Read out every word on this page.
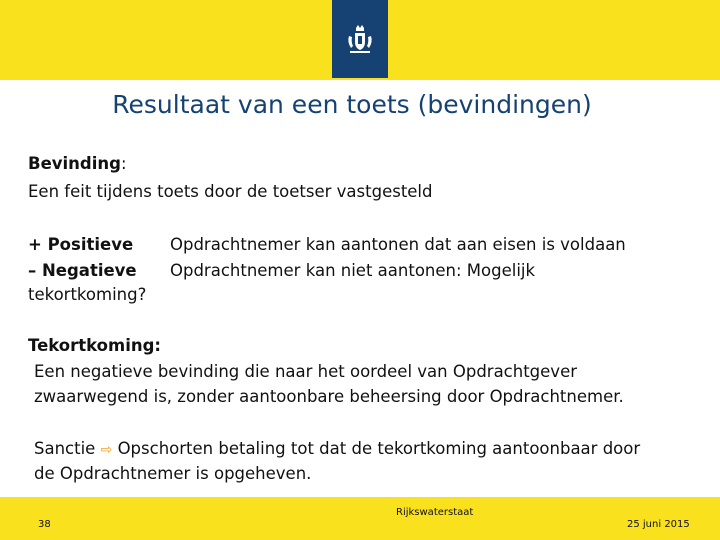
Resultaat van een toets (bevindingen)
Bevinding:
Een feit tijdens toets door de toetser vastgesteld
+ Positieve Opdrachtnemer kan aantonen dat aan eisen is voldaan
– Negatieve Opdrachtnemer kan niet aantonen: Mogelijk
tekortkoming?
Tekortkoming:
Een negatieve bevinding die naar het oordeel van Opdrachtgever
zwaarwegend is, zonder aantoonbare beheersing door Opdrachtnemer.
Sanctie ⇨ Opschorten betaling tot dat de tekortkoming aantoonbaar door
de Opdrachtnemer is opgeheven.
38
Rijkswaterstaat
25 juni 2015
